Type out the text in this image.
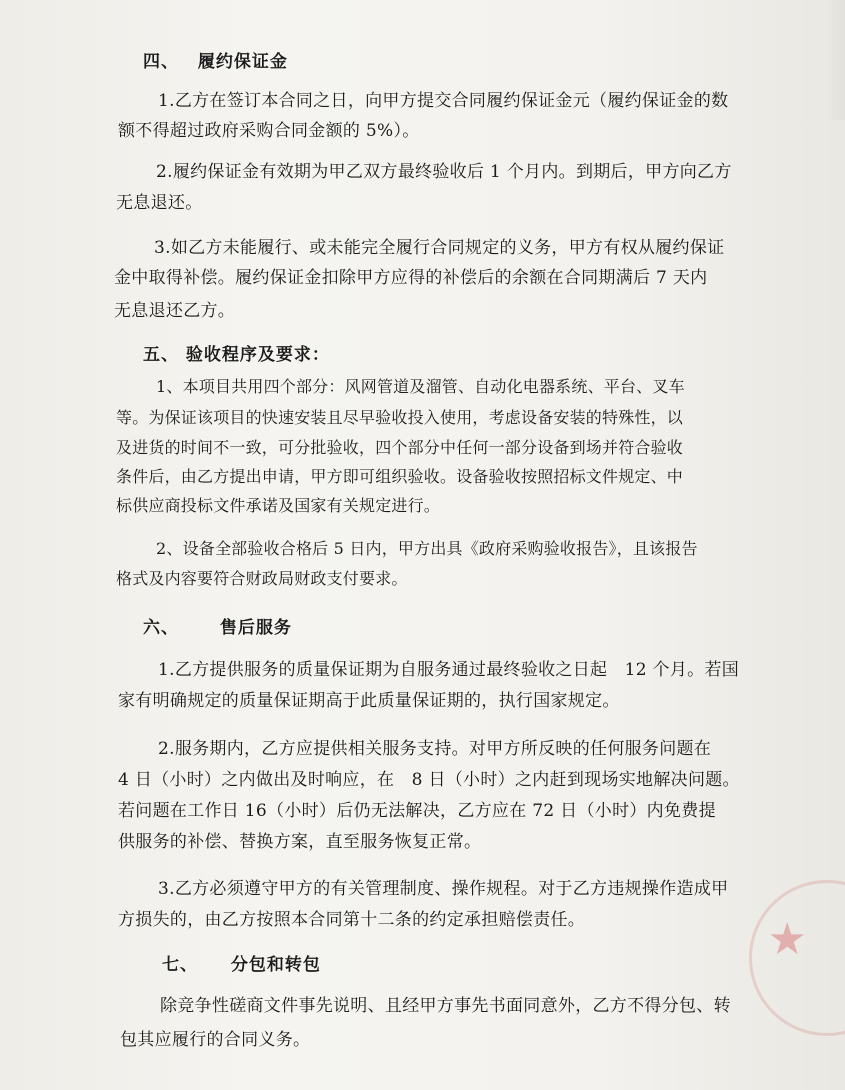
四、 履约保证金
1.乙方在签订本合同之日，向甲方提交合同履约保证金元（履约保证金的数
额不得超过政府采购合同金额的 5%）。
2.履约保证金有效期为甲乙双方最终验收后 1 个月内。到期后，甲方向乙方
无息退还。
3.如乙方未能履行、或未能完全履行合同规定的义务，甲方有权从履约保证
金中取得补偿。履约保证金扣除甲方应得的补偿后的余额在合同期满后 7 天内
无息退还乙方。
五、 验收程序及要求：
1、本项目共用四个部分：风网管道及溜管、自动化电器系统、平台、叉车
等。为保证该项目的快速安装且尽早验收投入使用，考虑设备安装的特殊性，以
及进货的时间不一致，可分批验收，四个部分中任何一部分设备到场并符合验收
条件后，由乙方提出申请，甲方即可组织验收。设备验收按照招标文件规定、中
标供应商投标文件承诺及国家有关规定进行。
2、设备全部验收合格后 5 日内，甲方出具《政府采购验收报告》，且该报告
格式及内容要符合财政局财政支付要求。
六、 售后服务
1.乙方提供服务的质量保证期为自服务通过最终验收之日起　12 个月。若国
家有明确规定的质量保证期高于此质量保证期的，执行国家规定。
2.服务期内，乙方应提供相关服务支持。对甲方所反映的任何服务问题在
4 日（小时）之内做出及时响应，在　8 日（小时）之内赶到现场实地解决问题。
若问题在工作日 16（小时）后仍无法解决，乙方应在 72 日（小时）内免费提
供服务的补偿、替换方案，直至服务恢复正常。
3.乙方必须遵守甲方的有关管理制度、操作规程。对于乙方违规操作造成甲
方损失的，由乙方按照本合同第十二条的约定承担赔偿责任。
七、 分包和转包
除竞争性磋商文件事先说明、且经甲方事先书面同意外，乙方不得分包、转
包其应履行的合同义务。
★
